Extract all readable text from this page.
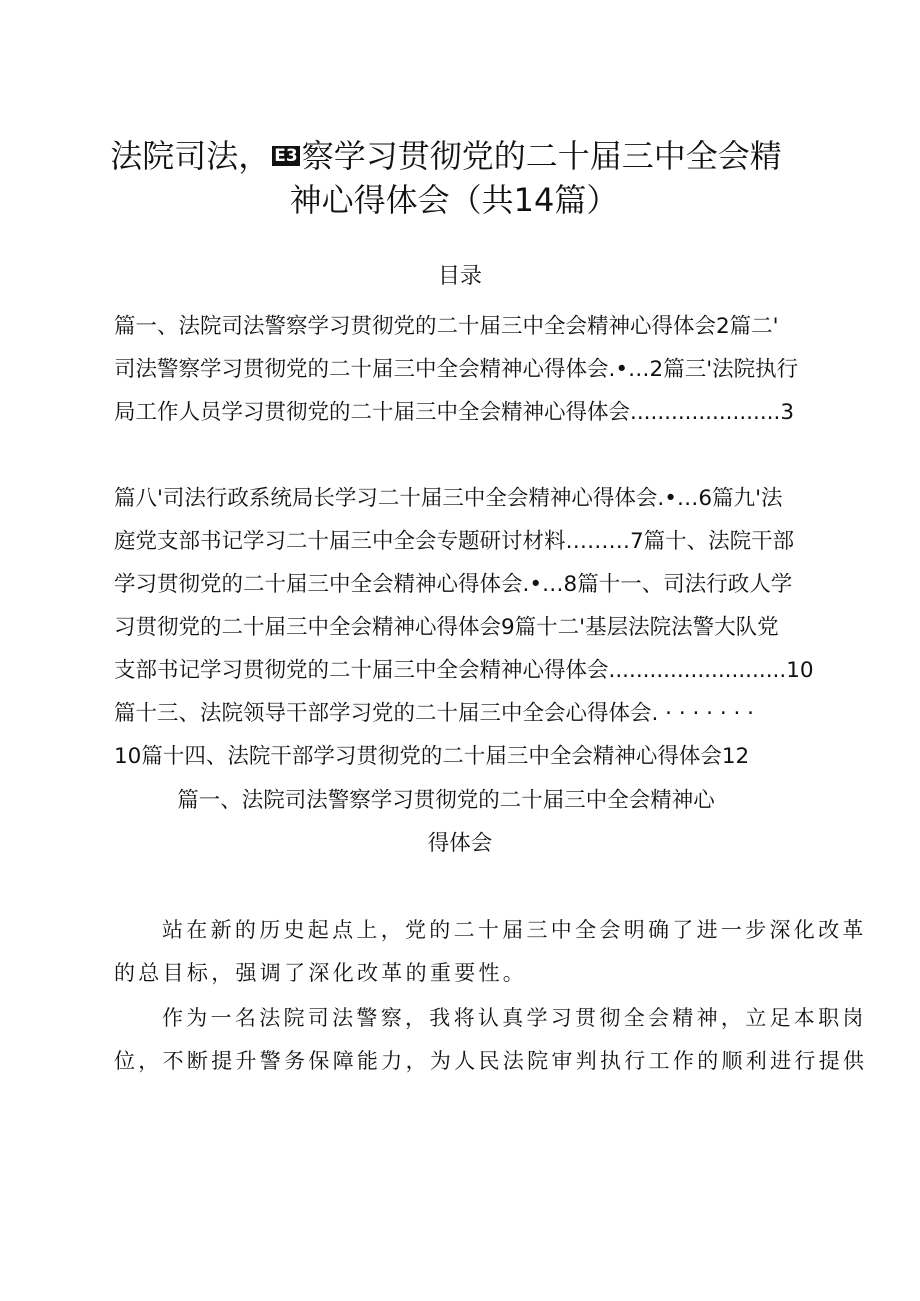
法院司法， E3 察学习贯彻党的二十届三中全会精
神心得体会（共14篇）
目录
篇一、法院司法警察学习贯彻党的二十届三中全会精神心得体会2篇二'
司法警察学习贯彻党的二十届三中全会精神心得体会.•…2篇三'法院执行
局工作人员学习贯彻党的二十届三中全会精神心得体会......................3
篇八'司法行政系统局长学习二十届三中全会精神心得体会.•…6篇九'法
庭党支部书记学习二十届三中全会专题研讨材料………7篇十、法院干部
学习贯彻党的二十届三中全会精神心得体会.•…8篇十一、司法行政人学
习贯彻党的二十届三中全会精神心得体会9篇十二'基层法院法警大队党
支部书记学习贯彻党的二十届三中全会精神心得体会..........................10
篇十三、法院领导干部学习党的二十届三中全会心得体会. · · · · · · ·
10篇十四、法院干部学习贯彻党的二十届三中全会精神心得体会12
篇一、法院司法警察学习贯彻党的二十届三中全会精神心
得体会
站在新的历史起点上，党的二十届三中全会明确了进一步深化改革
的总目标，强调了深化改革的重要性。
作为一名法院司法警察，我将认真学习贯彻全会精神，立足本职岗
位，不断提升警务保障能力，为人民法院审判执行工作的顺利进行提供
